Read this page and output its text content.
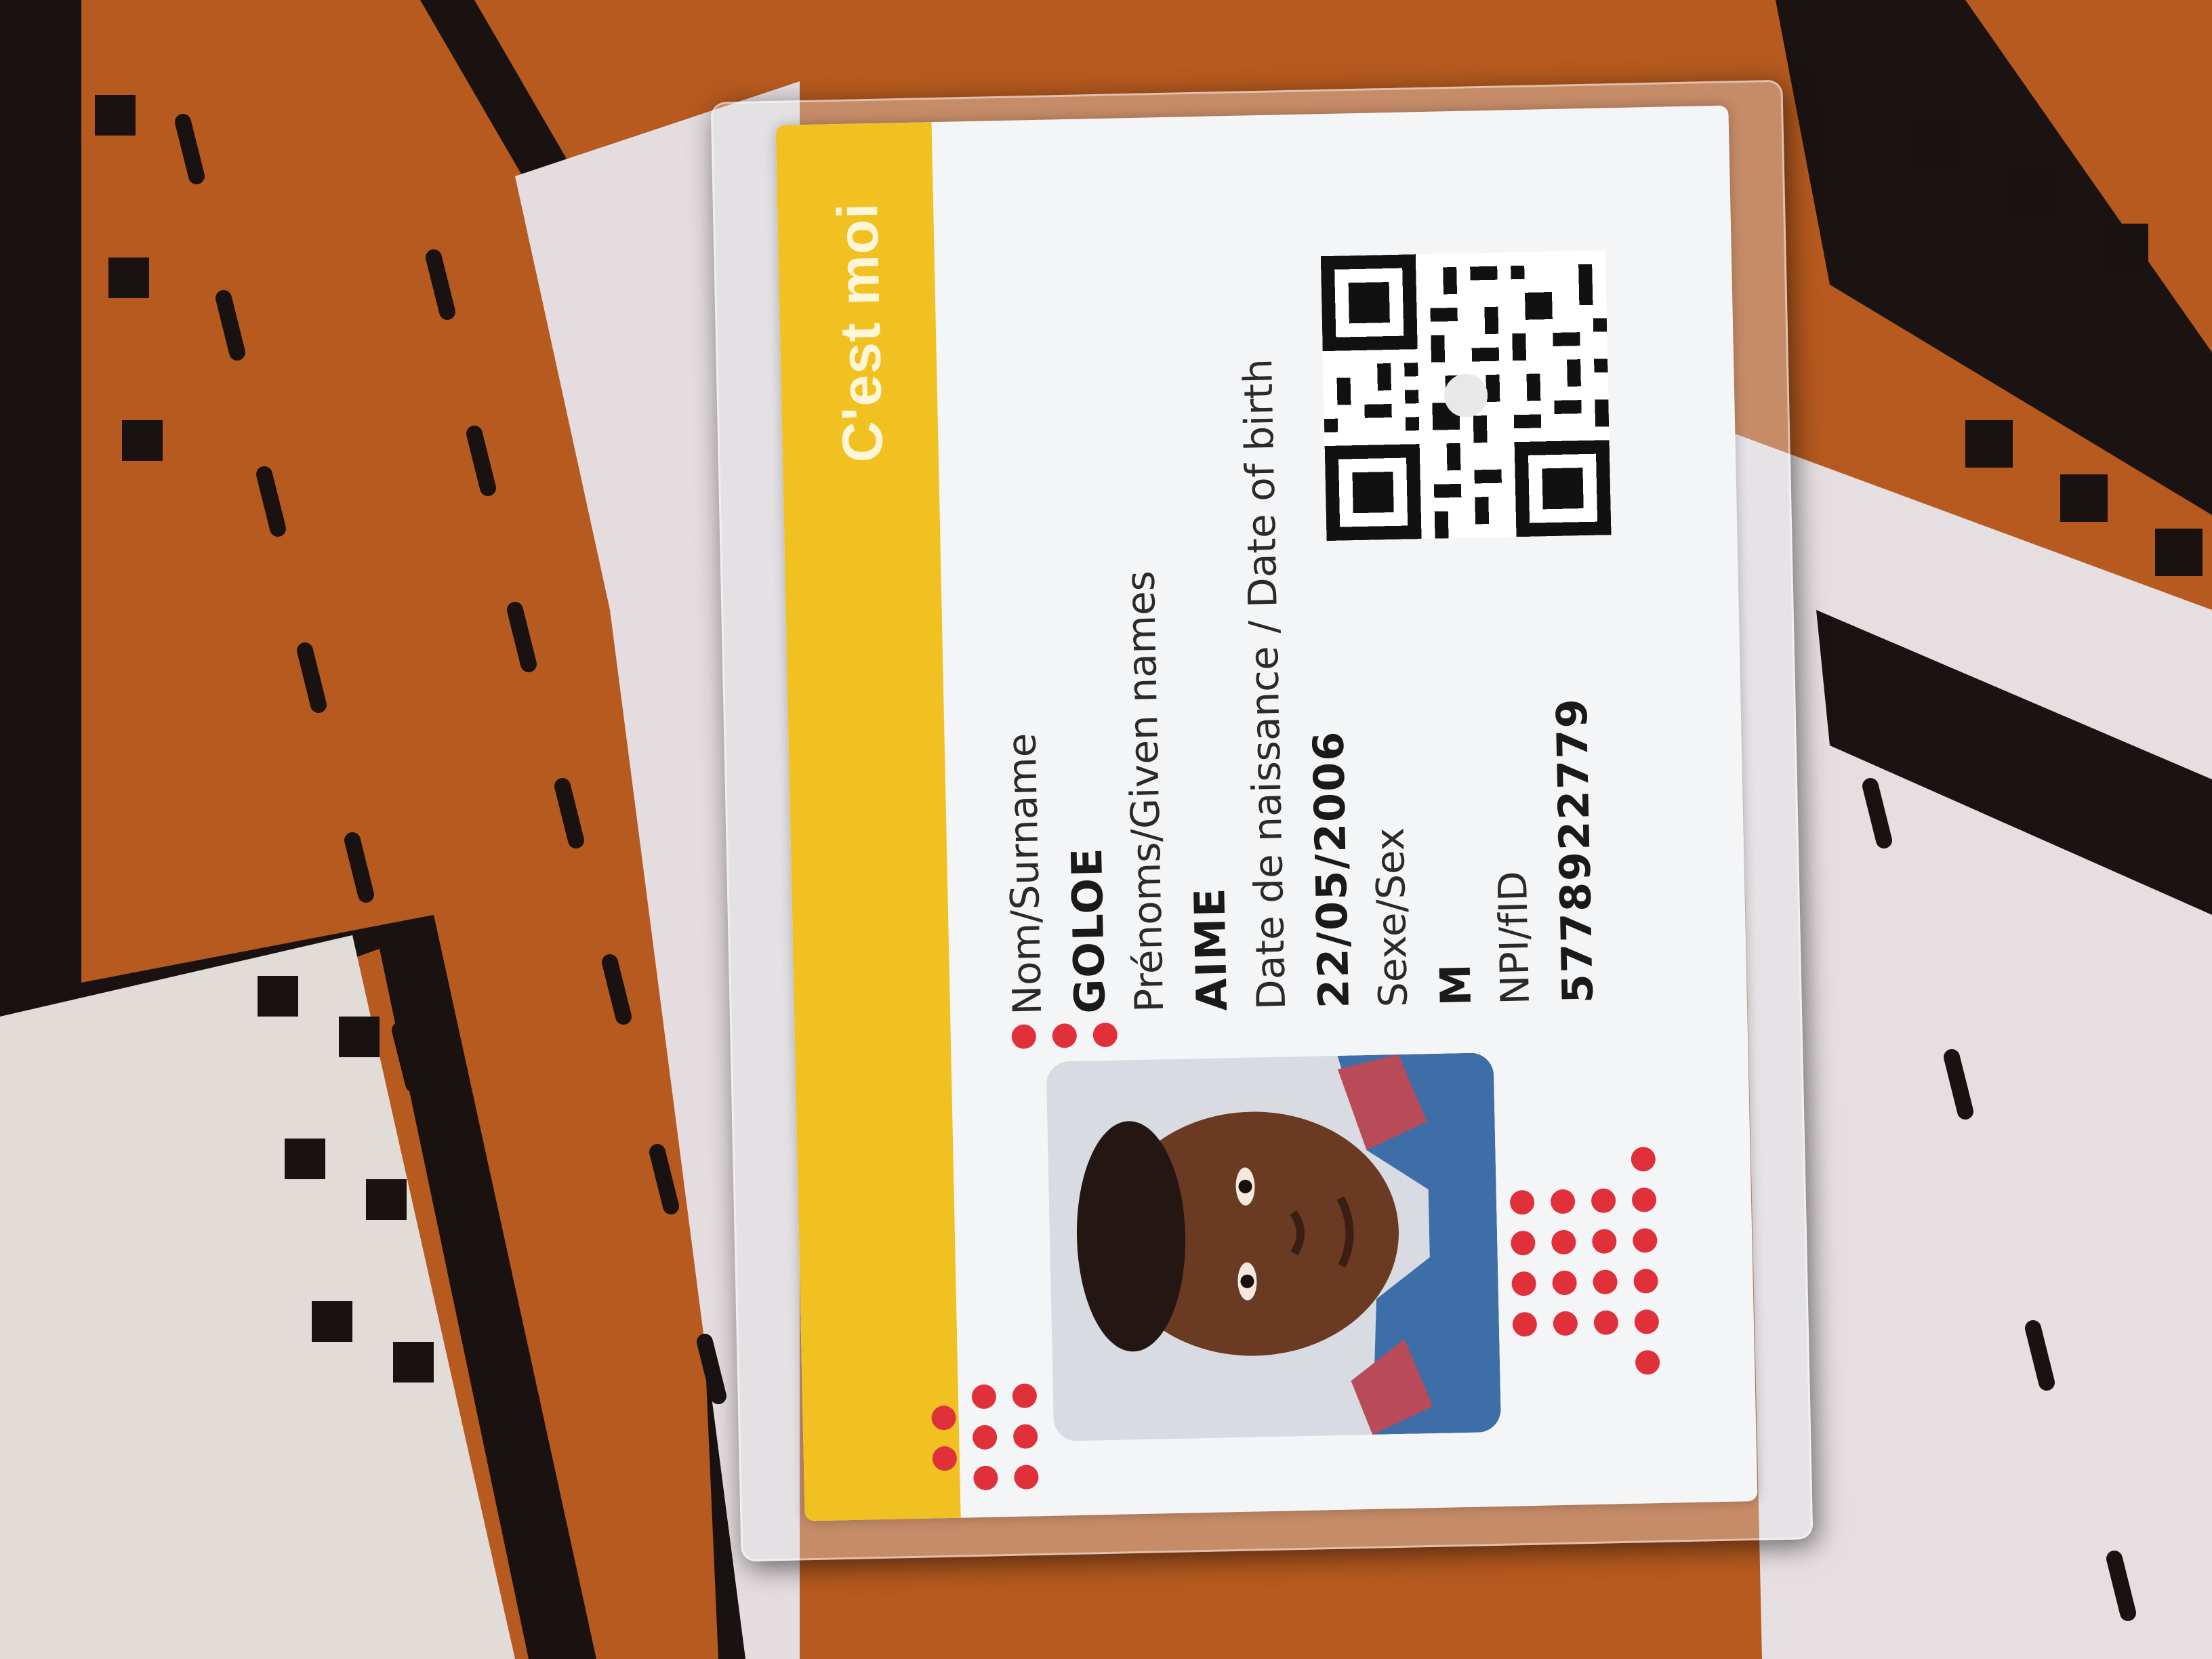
C'est moi
Nom/Surname GOLOE Prénoms/Given names AIME
Date de naissance / Date of birth 22/05/2006 Sexe/Sex M NPI/fID 5778922779
